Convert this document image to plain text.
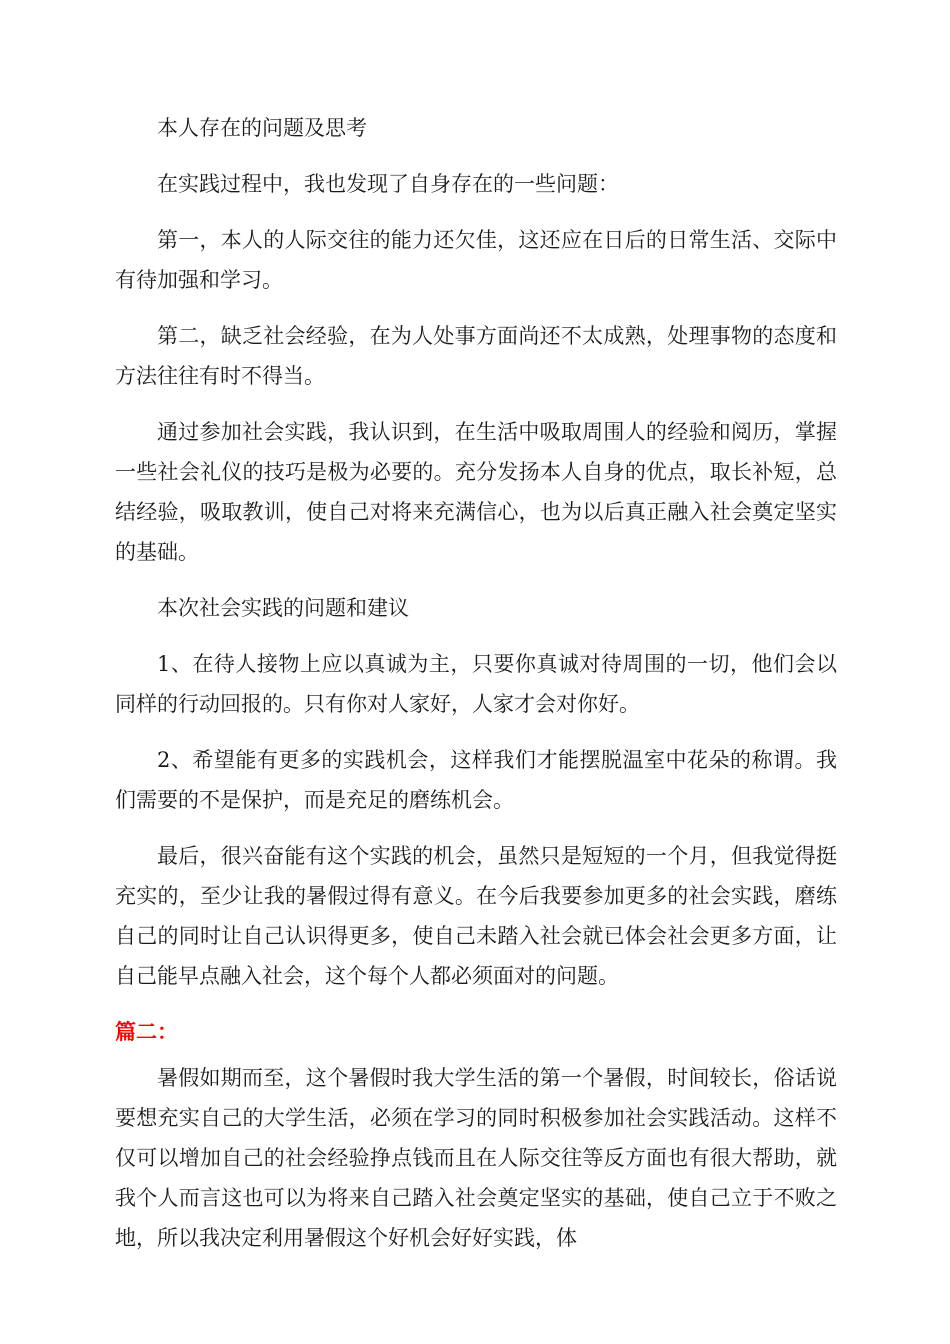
本人存在的问题及思考

在实践过程中，我也发现了自身存在的一些问题：

第一，本人的人际交往的能力还欠佳，这还应在日后的日常生活、交际中有待加强和学习。

第二，缺乏社会经验，在为人处事方面尚还不太成熟，处理事物的态度和方法往往有时不得当。

通过参加社会实践，我认识到，在生活中吸取周围人的经验和阅历，掌握一些社会礼仪的技巧是极为必要的。充分发扬本人自身的优点，取长补短，总结经验，吸取教训，使自己对将来充满信心，也为以后真正融入社会奠定坚实的基础。

本次社会实践的问题和建议

1、在待人接物上应以真诚为主，只要你真诚对待周围的一切，他们会以同样的行动回报的。只有你对人家好，人家才会对你好。

2、希望能有更多的实践机会，这样我们才能摆脱温室中花朵的称谓。我们需要的不是保护，而是充足的磨练机会。

最后，很兴奋能有这个实践的机会，虽然只是短短的一个月，但我觉得挺充实的，至少让我的暑假过得有意义。在今后我要参加更多的社会实践，磨练自己的同时让自己认识得更多，使自己未踏入社会就已体会社会更多方面，让自己能早点融入社会，这个每个人都必须面对的问题。

篇二：

暑假如期而至，这个暑假时我大学生活的第一个暑假，时间较长，俗话说要想充实自己的大学生活，必须在学习的同时积极参加社会实践活动。这样不仅可以增加自己的社会经验挣点钱而且在人际交往等反方面也有很大帮助，就我个人而言这也可以为将来自己踏入社会奠定坚实的基础，使自己立于不败之地，所以我决定利用暑假这个好机会好好实践，体
